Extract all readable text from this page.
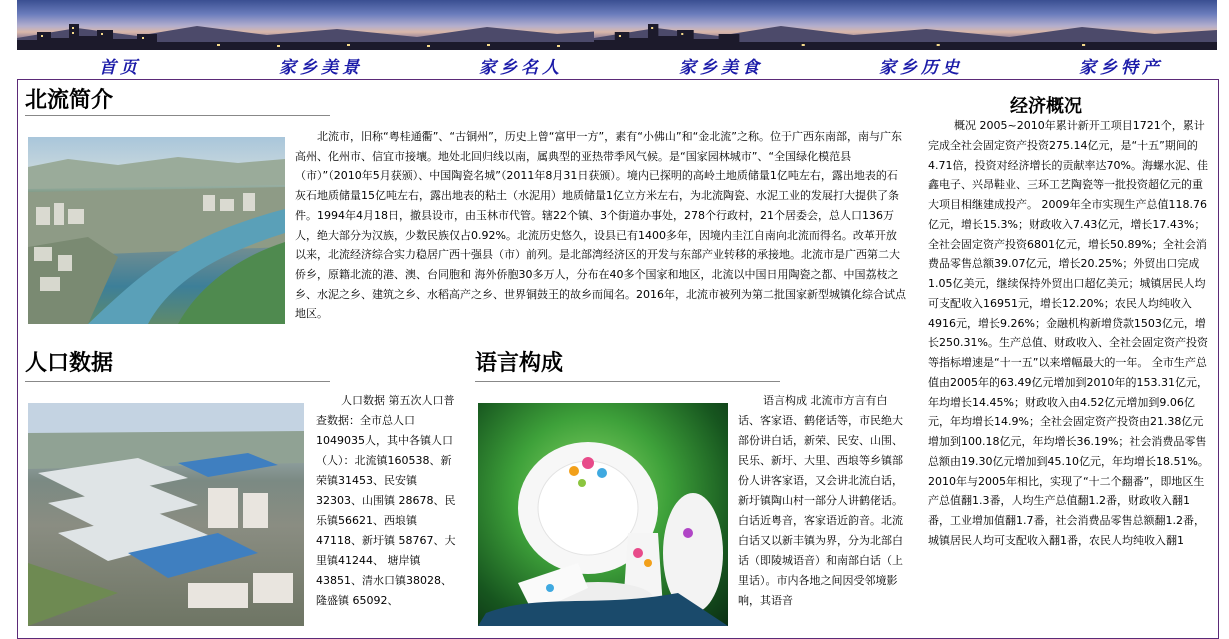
首页	家乡美景	家乡名人	家乡美食	家乡历史	家乡特产
北流简介
北流市，旧称“粤桂通衢”、“古铜州”，历史上曾“富甲一方”，素有“小佛山”和“金北流”之称。位于广西东南部，南与广东高州、化州市、信宜市接壤。地处北回归线以南，属典型的亚热带季风气候。是“国家园林城市”、“全国绿化模范县（市）”（2010年5月获颁）、中国陶瓷名城”（2011年8月31日获颁）。境内已探明的高岭土地质储量1亿吨左右，露出地表的石灰石地质储量15亿吨左右，露出地表的粘土（水泥用）地质储量1亿立方米左右，为北流陶瓷、水泥工业的发展打大提供了条件。1994年4月18日，撤县设市，由玉林市代管。辖22个镇、3个街道办事处，278个行政村，21个居委会，总人口136万人，绝大部分为汉族，少数民族仅占0.92%。北流历史悠久，设县已有1400多年，因境内圭江自南向北流而得名。改革开放以来，北流经济综合实力稳居广西十强县（市）前列。是北部湾经济区的开发与东部产业转移的承接地。北流市是广西第二大侨乡，原籍北流的港、澳、台同胞和 海外侨胞30多万人，分布在40多个国家和地区，北流以中国日用陶瓷之都、中国荔枝之乡、水泥之乡、建筑之乡、水稻高产之乡、世界铜鼓王的故乡而闻名。2016年，北流市被列为第二批国家新型城镇化综合试点地区。
人口数据
人口数据 第五次人口普查数据：全市总人口1049035人，其中各镇人口（人）：北流镇160538、新荣镇31453、民安镇 32303、山围镇 28678、民乐镇56621、西埌镇47118、新圩镇 58767、大里镇41244、 塘岸镇43851、清水口镇38028、隆盛镇 65092、
语言构成
语言构成 北流市方言有白话、客家语、鹤佬话等，市民绝大部份讲白话，新荣、民安、山围、民乐、新圩、大里、西埌等乡镇部份人讲客家语，又会讲北流白话，新圩镇陶山村一部分人讲鹤佬话。白话近粤音，客家语近韵音。北流白话又以新丰镇为界，分为北部白话（即陵城语音）和南部白话（上里话）。市内各地之间因受邻境影响，其语音
经济概况
概况 2005~2010年累计新开工项目1721个，累计完成全社会固定资产投资275.14亿元，是“十五”期间的4.71倍，投资对经济增长的贡献率达70%。海螺水泥、佳鑫电子、兴昂鞋业、三环工艺陶瓷等一批投资超亿元的重大项目相继建成投产。 2009年全市实现生产总值118.76亿元，增长15.3%；财政收入7.43亿元，增长17.43%；全社会固定资产投资6801亿元，增长50.89%；全社会消费品零售总额39.07亿元，增长20.25%；外贸出口完成1.05亿美元，继续保持外贸出口超亿美元；城镇居民人均可支配收入16951元，增长12.20%；农民人均纯收入4916元，增长9.26%；金融机构新增贷款1503亿元，增长250.31%。生产总值、财政收入、全社会固定资产投资等指标增速是“十一五”以来增幅最大的一年。 全市生产总值由2005年的63.49亿元增加到2010年的153.31亿元，年均增长14.45%；财政收入由4.52亿元增加到9.06亿元，年均增长14.9%；全社会固定资产投资由21.38亿元增加到100.18亿元，年均增长36.19%；社会消费品零售总额由19.30亿元增加到45.10亿元，年均增长18.51%。2010年与2005年相比，实现了“十二个翻番”，即地区生产总值翻1.3番，人均生产总值翻1.2番，财政收入翻1番，工业增加值翻1.7番，社会消费品零售总额翻1.2番，城镇居民人均可支配收入翻1番，农民人均纯收入翻1
